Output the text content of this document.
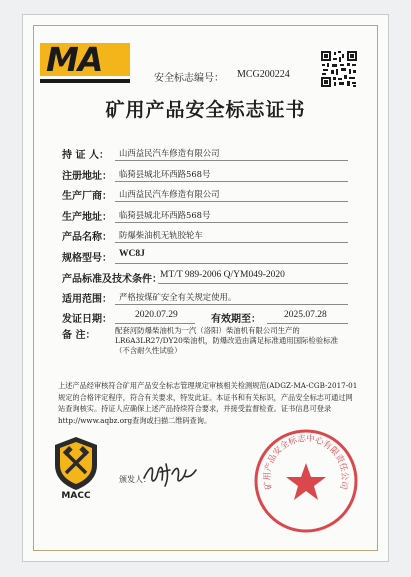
MA	安全标志编号： MCG200224
矿用产品安全标志证书
持 证 人： 山西益民汽车修造有限公司
注册地址： 临猗县城北环西路568号
生产厂商： 山西益民汽车修造有限公司
生产地址： 临猗县城北环西路568号
产品名称： 防爆柴油机无轨胶轮车
规格型号： WC8J
产品标准及技术条件：
MT/T 989-2006 Q/YM049-2020
适用范围： 严格按煤矿安全有关规定使用。
发证日期： 2020.07.29	有效期至： 2025.07.28
备 注：	配套河防爆柴油机为一汽（洛阳）柴油机有限公司生产的LR6A3LR27/DY20柴油机，防爆改造由满足标准通用国际检验标准（不含耐久性试验）
上述产品经审核符合矿用产品安全标志管理规定审核相关检测规范(ADGZ-MA-CGB-2017-01规定的合格评定程序，符合有关要求，特发此证。本证书和有关标识，产品安全标志可通过网站查询核实。持证人应确保上述产品持续符合要求，并接受监督检查。证书信息可登录http://www.aqbz.org查询或扫描二维码查询。
MACC
颁发人：
矿用产品安全标志中心有限责任公司
